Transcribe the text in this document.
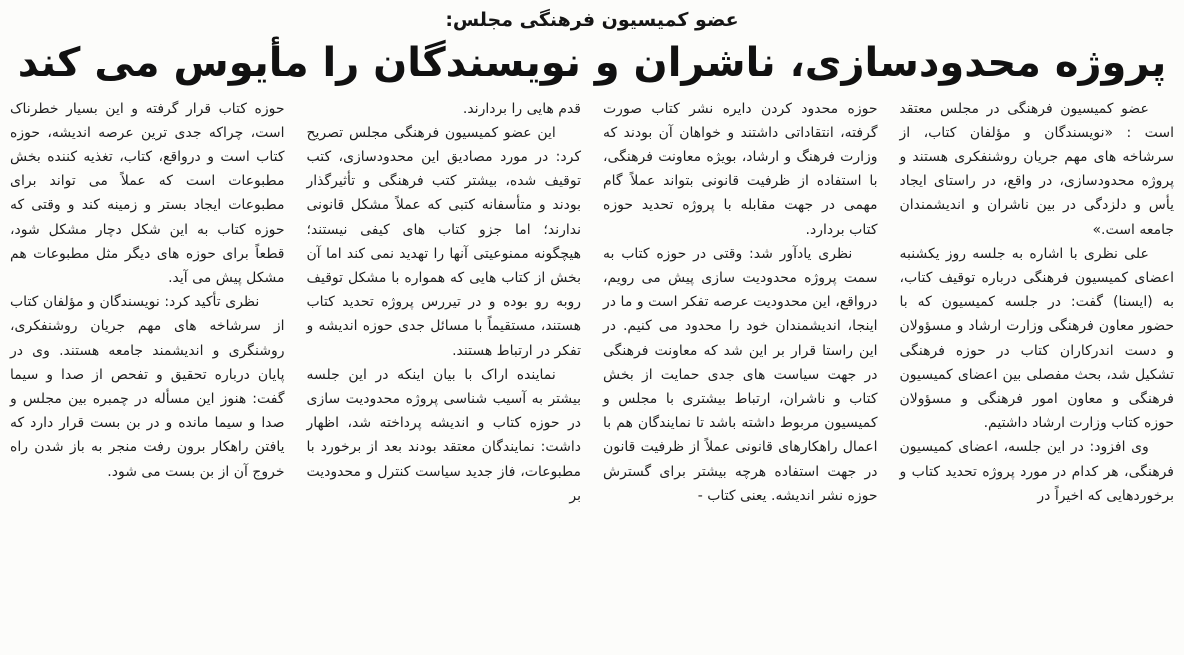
عضو کمیسیون فرهنگی مجلس:
پروژه محدودسازی، ناشران و نویسندگان را مأیوس می کند

عضو کمیسیون فرهنگی در مجلس معتقد است : «نویسندگان و مؤلفان کتاب، از سرشاخه های مهم جریان روشنفکری هستند و پروژه محدودسازی، در واقع، در راستای ایجاد یأس و دلزدگی در بین ناشران و اندیشمندان جامعه است.»

علی نظری با اشاره به جلسه روز یکشنبه اعضای کمیسیون فرهنگی درباره توقیف کتاب، به (ایسنا) گفت: در جلسه کمیسیون که با حضور معاون فرهنگی وزارت ارشاد و مسؤولان و دست اندرکاران کتاب در حوزه فرهنگی تشکیل شد، بحث مفصلی بین اعضای کمیسیون فرهنگی و معاون امور فرهنگی و مسؤولان حوزه کتاب وزارت ارشاد داشتیم.

وی افزود: در این جلسه، اعضای کمیسیون فرهنگی، هر کدام در مورد پروژه تحدید کتاب و برخوردهایی که اخیراً در

حوزه محدود کردن دایره نشر کتاب صورت گرفته، انتقاداتی داشتند و خواهان آن بودند که وزارت فرهنگ و ارشاد، بویژه معاونت فرهنگی، با استفاده از ظرفیت قانونی بتواند عملاً گام مهمی در جهت مقابله با پروژه تحدید حوزه کتاب بردارد.

نظری یادآور شد: وقتی در حوزه کتاب به سمت پروژه محدودیت سازی پیش می رویم، درواقع، این محدودیت عرصه تفکر است و ما در اینجا، اندیشمندان خود را محدود می کنیم. در این راستا قرار بر این شد که معاونت فرهنگی در جهت سیاست های جدی حمایت از بخش کتاب و ناشران، ارتباط بیشتری با مجلس و کمیسیون مربوط داشته باشد تا نمایندگان هم با اعمال راهکارهای قانونی عملاً از ظرفیت قانون در جهت استفاده هرچه بیشتر برای گسترش حوزه نشر اندیشه. یعنی کتاب -

قدم هایی را بردارند.

این عضو کمیسیون فرهنگی مجلس تصریح کرد: در مورد مصادیق این محدودسازی، کتب توقیف شده، بیشتر کتب فرهنگی و تأثیرگذار بودند و متأسفانه کتبی که عملاً مشکل قانونی ندارند؛ اما جزو کتاب های کیفی نیستند؛ هیچگونه ممنوعیتی آنها را تهدید نمی کند اما آن بخش از کتاب هایی که همواره با مشکل توقیف روبه رو بوده و در تیررس پروژه تحدید کتاب هستند، مستقیماً با مسائل جدی حوزه اندیشه و تفکر در ارتباط هستند.

نماینده اراک با بیان اینکه در این جلسه بیشتر به آسیب شناسی پروژه محدودیت سازی در حوزه کتاب و اندیشه پرداخته شد، اظهار داشت: نمایندگان معتقد بودند بعد از برخورد با مطبوعات، فاز جدید سیاست کنترل و محدودیت بر

حوزه کتاب قرار گرفته و این بسیار خطرناک است، چراکه جدی ترین عرصه اندیشه، حوزه کتاب است و درواقع، کتاب، تغذیه کننده بخش مطبوعات است که عملاً می تواند برای مطبوعات ایجاد بستر و زمینه کند و وقتی که حوزه کتاب به این شکل دچار مشکل شود، قطعاً برای حوزه های دیگر مثل مطبوعات هم مشکل پیش می آید.

نظری تأکید کرد: نویسندگان و مؤلفان کتاب از سرشاخه های مهم جریان روشنفکری، روشنگری و اندیشمند جامعه هستند. وی در پایان درباره تحقیق و تفحص از صدا و سیما گفت: هنوز این مسأله در چمبره بین مجلس و صدا و سیما مانده و در بن بست قرار دارد که یافتن راهکار برون رفت منجر به باز شدن راه خروج آن از بن بست می شود.
